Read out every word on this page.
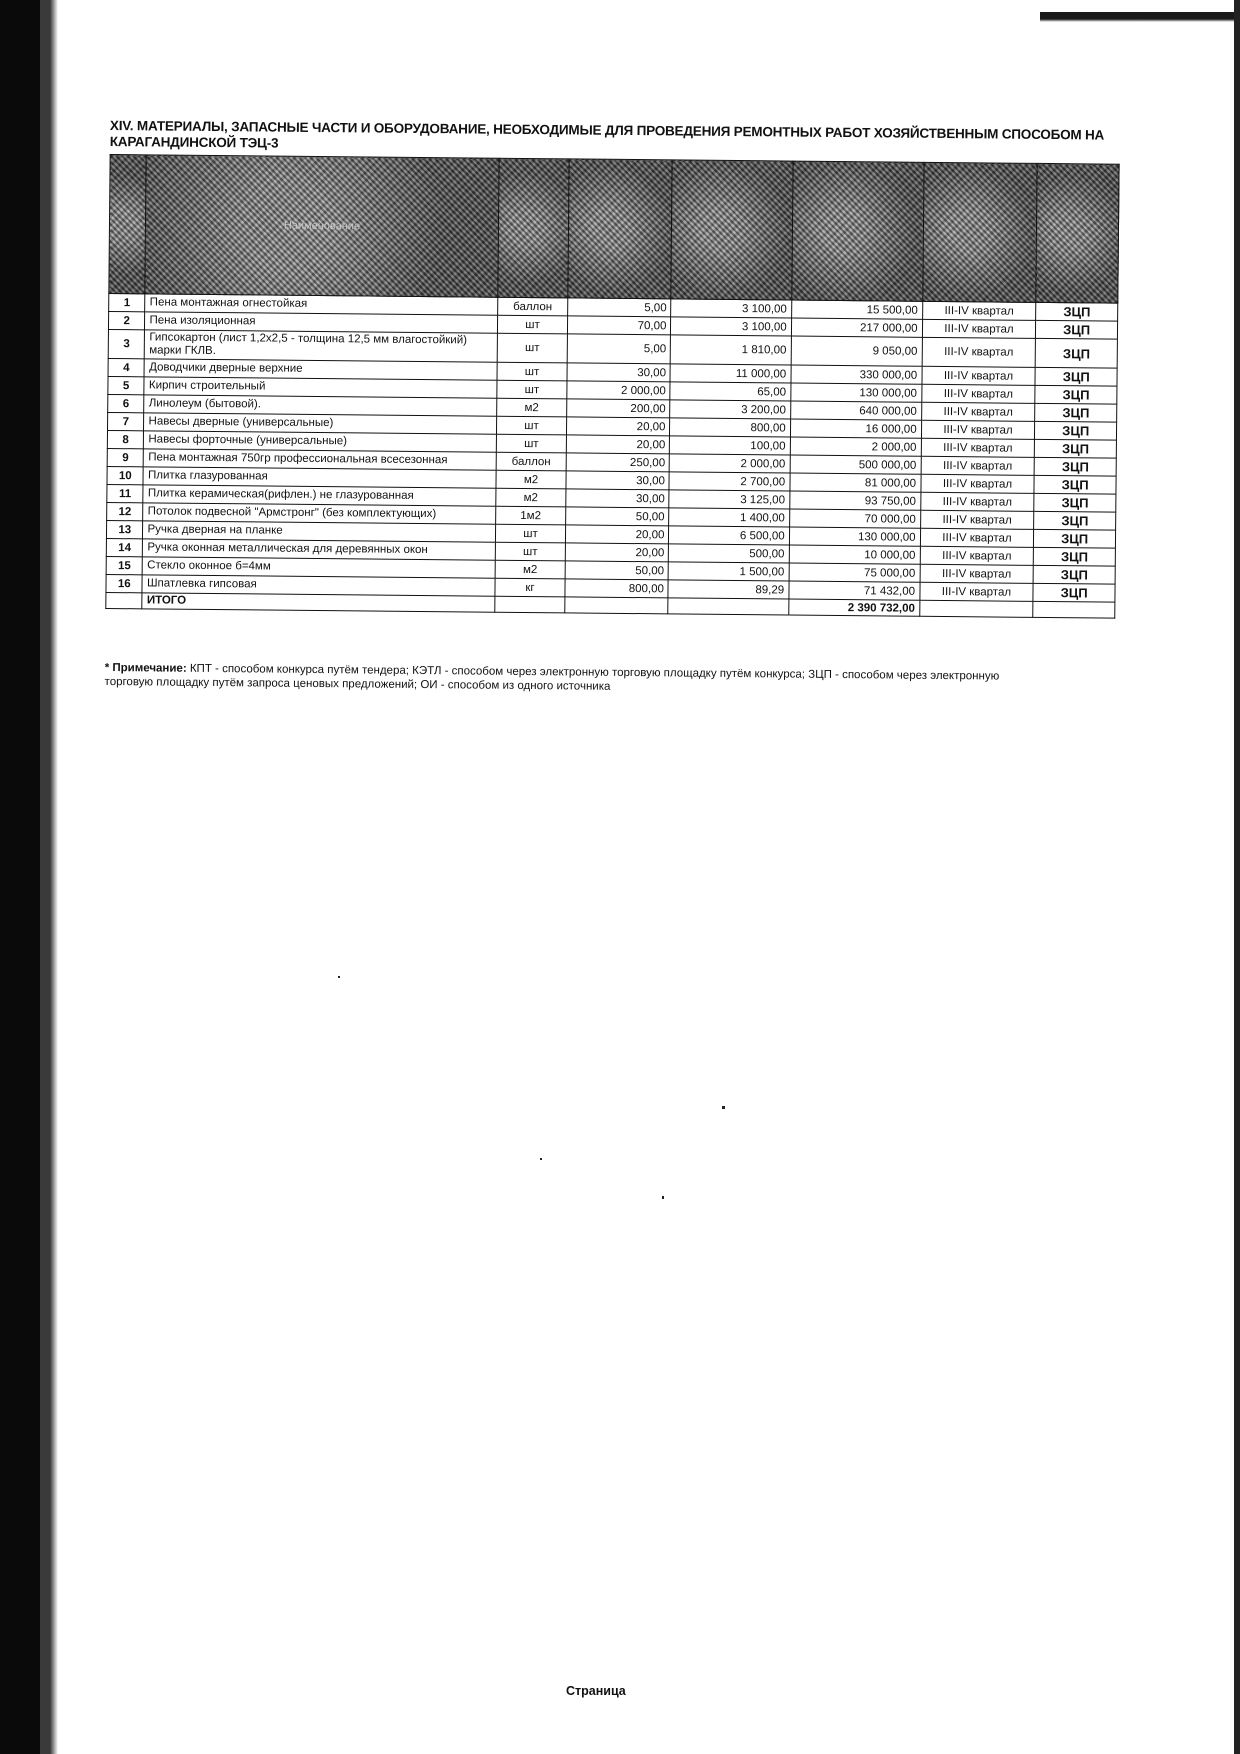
XIV. МАТЕРИАЛЫ, ЗАПАСНЫЕ ЧАСТИ И ОБОРУДОВАНИЕ, НЕОБХОДИМЫЕ ДЛЯ ПРОВЕДЕНИЯ РЕМОНТНЫХ РАБОТ ХОЗЯЙСТВЕННЫМ СПОСОБОМ НА КАРАГАНДИНСКОЙ ТЭЦ-3
	Наименование						
1	Пена монтажная огнестойкая	баллон	5,00	3 100,00	15 500,00	III-IV квартал	ЗЦП
2	Пена изоляционная	шт	70,00	3 100,00	217 000,00	III-IV квартал	ЗЦП
3	Гипсокартон (лист 1,2х2,5 - толщина 12,5 мм влагостойкий) марки ГКЛВ.	шт	5,00	1 810,00	9 050,00	III-IV квартал	ЗЦП
4	Доводчики дверные верхние	шт	30,00	11 000,00	330 000,00	III-IV квартал	ЗЦП
5	Кирпич строительный	шт	2 000,00	65,00	130 000,00	III-IV квартал	ЗЦП
6	Линолеум (бытовой).	м2	200,00	3 200,00	640 000,00	III-IV квартал	ЗЦП
7	Навесы дверные (универсальные)	шт	20,00	800,00	16 000,00	III-IV квартал	ЗЦП
8	Навесы форточные (универсальные)	шт	20,00	100,00	2 000,00	III-IV квартал	ЗЦП
9	Пена монтажная 750гр профессиональная всесезонная	баллон	250,00	2 000,00	500 000,00	III-IV квартал	ЗЦП
10	Плитка глазурованная	м2	30,00	2 700,00	81 000,00	III-IV квартал	ЗЦП
11	Плитка керамическая(рифлен.) не глазурованная	м2	30,00	3 125,00	93 750,00	III-IV квартал	ЗЦП
12	Потолок подвесной "Армстронг" (без комплектующих)	1м2	50,00	1 400,00	70 000,00	III-IV квартал	ЗЦП
13	Ручка дверная на планке	шт	20,00	6 500,00	130 000,00	III-IV квартал	ЗЦП
14	Ручка оконная металлическая для деревянных окон	шт	20,00	500,00	10 000,00	III-IV квартал	ЗЦП
15	Стекло оконное б=4мм	м2	50,00	1 500,00	75 000,00	III-IV квартал	ЗЦП
16	Шпатлевка гипсовая	кг	800,00	89,29	71 432,00	III-IV квартал	ЗЦП
	ИТОГО				2 390 732,00		
* Примечание: КПТ - способом конкурса путём тендера; КЭТЛ - способом через электронную торговую площадку путём конкурса; ЗЦП - способом через электронную торговую площадку путём запроса ценовых предложений; ОИ - способом из одного источника
Страница
